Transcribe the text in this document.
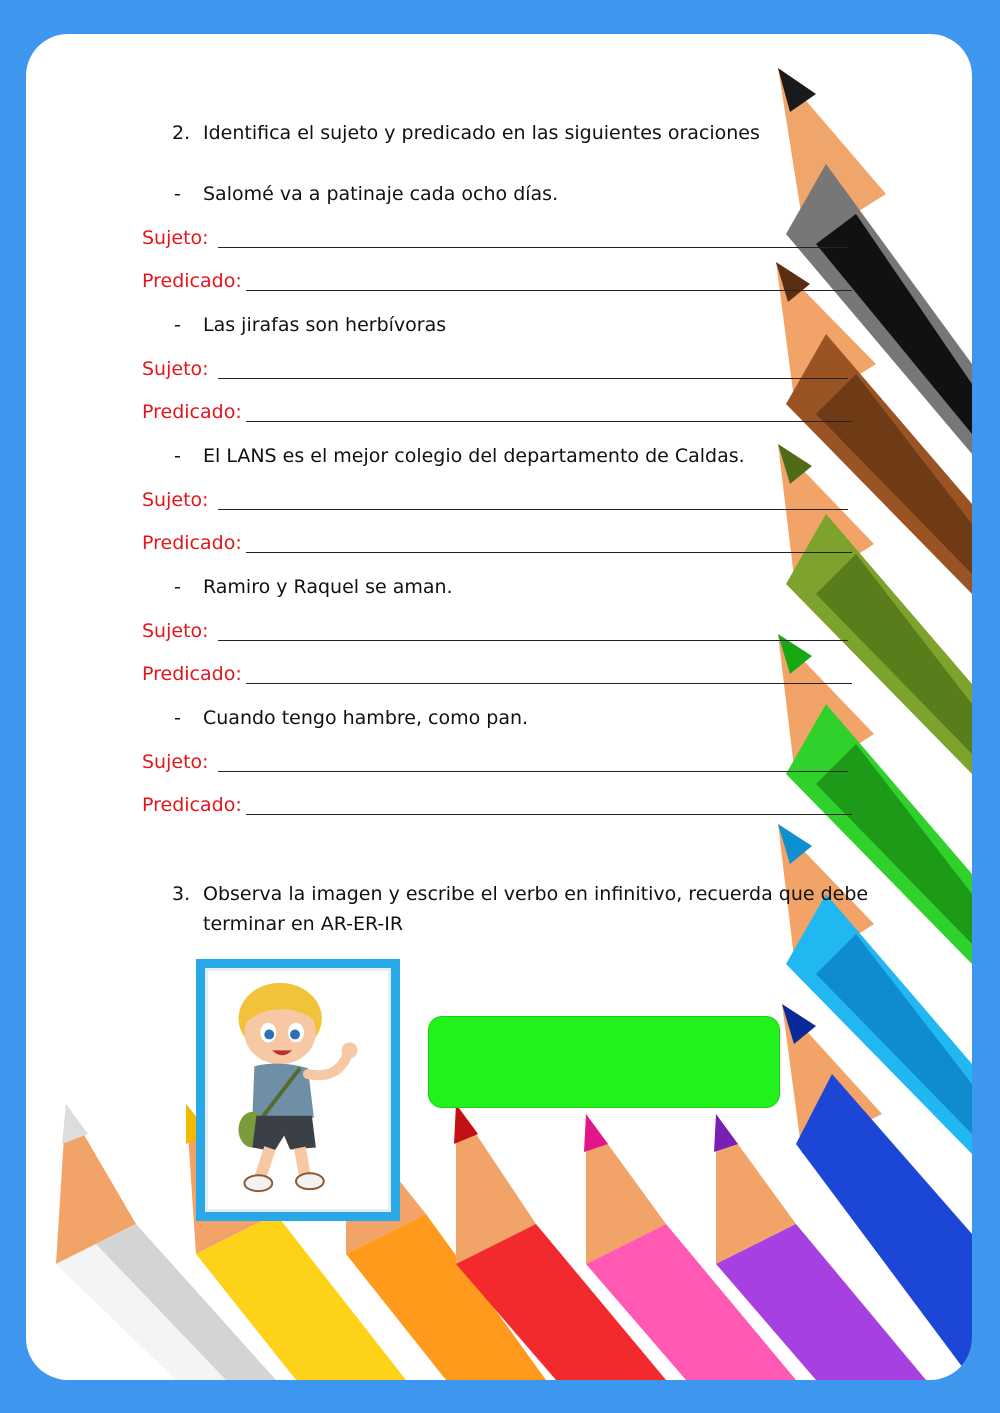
2. Identifica el sujeto y predicado en las siguientes oraciones
- Salomé va a patinaje cada ocho días.
Sujeto:
Predicado:
- Las jirafas son herbívoras
Sujeto:
Predicado:
- El LANS es el mejor colegio del departamento de Caldas.
Sujeto:
Predicado:
- Ramiro y Raquel se aman.
Sujeto:
Predicado:
- Cuando tengo hambre, como pan.
Sujeto:
Predicado:
3. Observa la imagen y escribe el verbo en infinitivo, recuerda que debe
terminar en AR-ER-IR
